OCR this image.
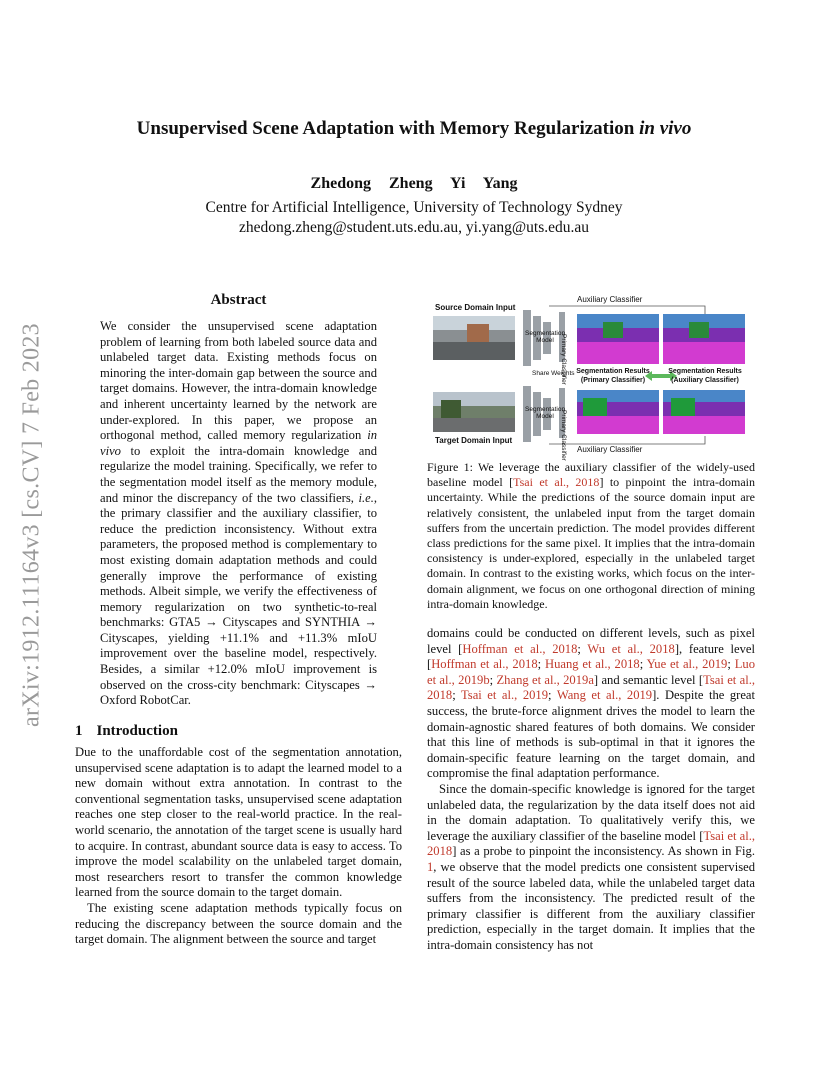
arXiv:1912.11164v3 [cs.CV] 7 Feb 2023
Unsupervised Scene Adaptation with Memory Regularization in vivo
Zhedong Zheng Yi Yang
Centre for Artificial Intelligence, University of Technology Sydney
zhedong.zheng@student.uts.edu.au, yi.yang@uts.edu.au
Abstract
We consider the unsupervised scene adaptation problem of learning from both labeled source data and unlabeled target data. Existing methods focus on minoring the inter-domain gap between the source and target domains. However, the intra-domain knowledge and inherent uncertainty learned by the network are under-explored. In this paper, we propose an orthogonal method, called memory regularization in vivo to exploit the intra-domain knowledge and regularize the model training. Specifically, we refer to the segmentation model itself as the memory module, and minor the discrepancy of the two classifiers, i.e., the primary classifier and the auxiliary classifier, to reduce the prediction inconsistency. Without extra parameters, the proposed method is complementary to most existing domain adaptation methods and could generally improve the performance of existing methods. Albeit simple, we verify the effectiveness of memory regularization on two synthetic-to-real benchmarks: GTA5 → Cityscapes and SYNTHIA → Cityscapes, yielding +11.1% and +11.3% mIoU improvement over the baseline model, respectively. Besides, a similar +12.0% mIoU improvement is observed on the cross-city benchmark: Cityscapes → Oxford RobotCar.
1 Introduction

Due to the unaffordable cost of the segmentation annotation, unsupervised scene adaptation is to adapt the learned model to a new domain without extra annotation. In contrast to the conventional segmentation tasks, unsupervised scene adaptation reaches one step closer to the real-world practice. In the real-world scenario, the annotation of the target scene is usually hard to acquire. In contrast, abundant source data is easy to access. To improve the model scalability on the unlabeled target domain, most researchers resort to transfer the common knowledge learned from the source domain to the target domain.

The existing scene adaptation methods typically focus on reducing the discrepancy between the source domain and the target domain. The alignment between the source and target

Auxiliary Classifier
Source Domain Input
Segmentation Model
Share Weights Segmentation Results (Primary Classifier)
Segmentation Results (Auxiliary Classifier)
Segmentation Model
Target Domain Input
Auxiliary Classifier
Primary Classifier
Primary Classifier
Figure 1: We leverage the auxiliary classifier of the widely-used baseline model [Tsai et al., 2018] to pinpoint the intra-domain uncertainty. While the predictions of the source domain input are relatively consistent, the unlabeled input from the target domain suffers from the uncertain prediction. The model provides different class predictions for the same pixel. It implies that the intra-domain consistency is under-explored, especially in the unlabeled target domain. In contrast to the existing works, which focus on the inter-domain alignment, we focus on one orthogonal direction of mining intra-domain knowledge.

domains could be conducted on different levels, such as pixel level [Hoffman et al., 2018; Wu et al., 2018], feature level [Hoffman et al., 2018; Huang et al., 2018; Yue et al., 2019; Luo et al., 2019b; Zhang et al., 2019a] and semantic level [Tsai et al., 2018; Tsai et al., 2019; Wang et al., 2019]. Despite the great success, the brute-force alignment drives the model to learn the domain-agnostic shared features of both domains. We consider that this line of methods is sub-optimal in that it ignores the domain-specific feature learning on the target domain, and compromise the final adaptation performance.

Since the domain-specific knowledge is ignored for the target unlabeled data, the regularization by the data itself does not aid in the domain adaptation. To qualitatively verify this, we leverage the auxiliary classifier of the baseline model [Tsai et al., 2018] as a probe to pinpoint the inconsistency. As shown in Fig. 1, we observe that the model predicts one consistent supervised result of the source labeled data, while the unlabeled target data suffers from the inconsistency. The predicted result of the primary classifier is different from the auxiliary classifier prediction, especially in the target domain. It implies that the intra-domain consistency has not
